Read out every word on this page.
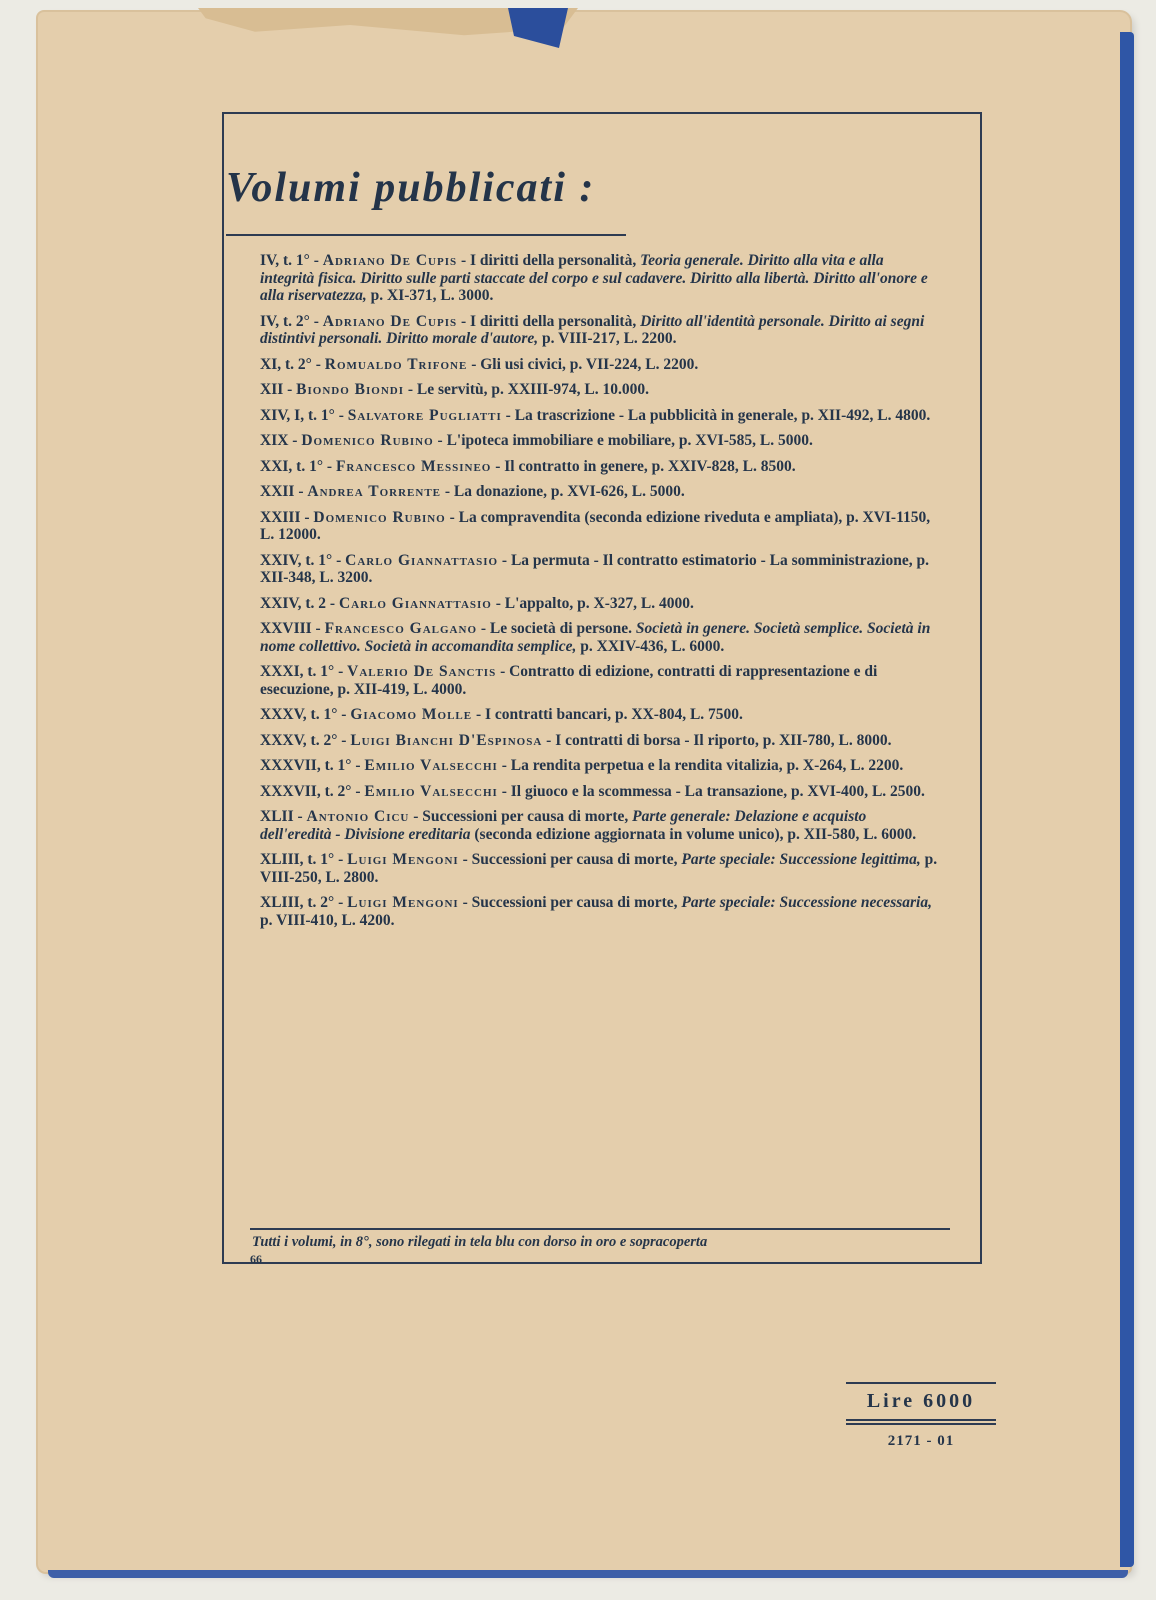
Volumi pubblicati :
IV, t. 1° - Adriano De Cupis - I diritti della personalità, Teoria generale. Diritto alla vita e alla integrità fisica. Diritto sulle parti staccate del corpo e sul cadavere. Diritto alla libertà. Diritto all'onore e alla riservatezza, p. XI-371, L. 3000.
IV, t. 2° - Adriano De Cupis - I diritti della personalità, Diritto all'identità personale. Diritto ai segni distintivi personali. Diritto morale d'autore, p. VIII-217, L. 2200.
XI, t. 2° - Romualdo Trifone - Gli usi civici, p. VII-224, L. 2200.
XII - Biondo Biondi - Le servitù, p. XXIII-974, L. 10.000.
XIV, I, t. 1° - Salvatore Pugliatti - La trascrizione - La pubblicità in generale, p. XII-492, L. 4800.
XIX - Domenico Rubino - L'ipoteca immobiliare e mobiliare, p. XVI-585, L. 5000.
XXI, t. 1° - Francesco Messineo - Il contratto in genere, p. XXIV-828, L. 8500.
XXII - Andrea Torrente - La donazione, p. XVI-626, L. 5000.
XXIII - Domenico Rubino - La compravendita (seconda edizione riveduta e ampliata), p. XVI-1150, L. 12000.
XXIV, t. 1° - Carlo Giannattasio - La permuta - Il contratto estimatorio - La somministrazione, p. XII-348, L. 3200.
XXIV, t. 2 - Carlo Giannattasio - L'appalto, p. X-327, L. 4000.
XXVIII - Francesco Galgano - Le società di persone. Società in genere. Società semplice. Società in nome collettivo. Società in accomandita semplice, p. XXIV-436, L. 6000.
XXXI, t. 1° - Valerio De Sanctis - Contratto di edizione, contratti di rappresentazione e di esecuzione, p. XII-419, L. 4000.
XXXV, t. 1° - Giacomo Molle - I contratti bancari, p. XX-804, L. 7500.
XXXV, t. 2° - Luigi Bianchi D'Espinosa - I contratti di borsa - Il riporto, p. XII-780, L. 8000.
XXXVII, t. 1° - Emilio Valsecchi - La rendita perpetua e la rendita vitalizia, p. X-264, L. 2200.
XXXVII, t. 2° - Emilio Valsecchi - Il giuoco e la scommessa - La transazione, p. XVI-400, L. 2500.
XLII - Antonio Cicu - Successioni per causa di morte, Parte generale: Delazione e acquisto dell'eredità - Divisione ereditaria (seconda edizione aggiornata in volume unico), p. XII-580, L. 6000.
XLIII, t. 1° - Luigi Mengoni - Successioni per causa di morte, Parte speciale: Successione legittima, p. VIII-250, L. 2800.
XLIII, t. 2° - Luigi Mengoni - Successioni per causa di morte, Parte speciale: Successione necessaria, p. VIII-410, L. 4200.
Tutti i volumi, in 8°, sono rilegati in tela blu con dorso in oro e sopracoperta
66
Lire 6000
2171 - 01
